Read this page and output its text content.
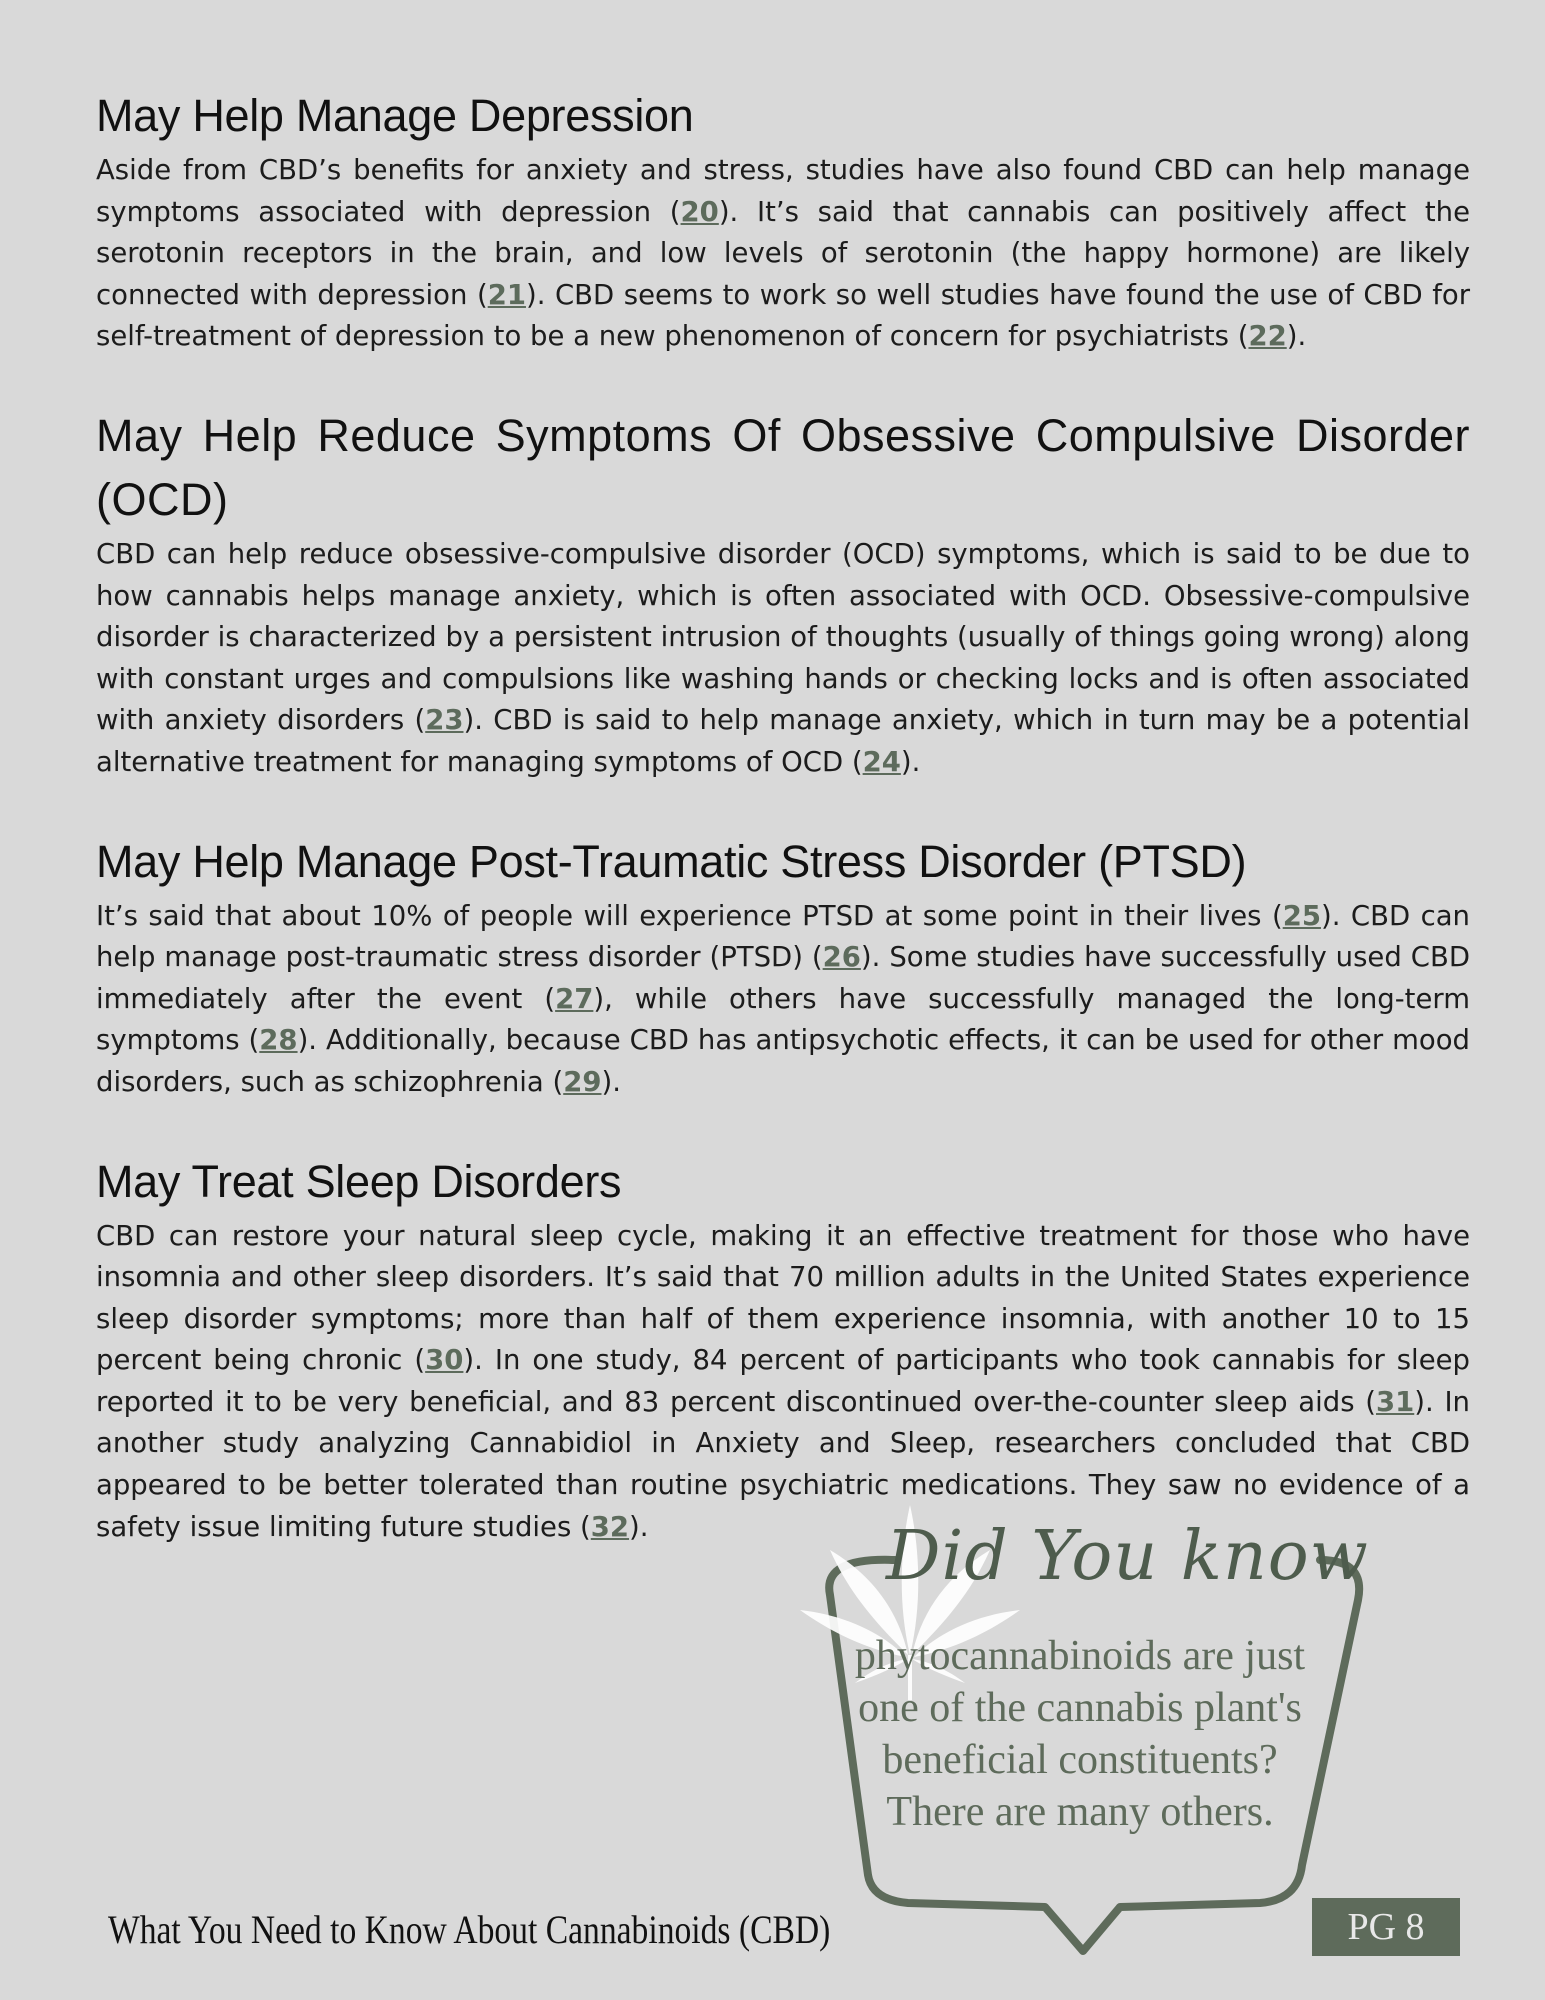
May Help Manage Depression

Aside from CBD’s benefits for anxiety and stress, studies have also found CBD can help manage symptoms associated with depression (20). It’s said that cannabis can positively affect the serotonin receptors in the brain, and low levels of serotonin (the happy hormone) are likely connected with depression (21). CBD seems to work so well studies have found the use of CBD for self-treatment of depression to be a new phenomenon of concern for psychiatrists (22).

May Help Reduce Symptoms Of Obsessive Compulsive Disorder (OCD)

CBD can help reduce obsessive-compulsive disorder (OCD) symptoms, which is said to be due to how cannabis helps manage anxiety, which is often associated with OCD. Obsessive-compulsive disorder is characterized by a persistent intrusion of thoughts (usually of things going wrong) along with constant urges and compulsions like washing hands or checking locks and is often associated with anxiety disorders (23). CBD is said to help manage anxiety, which in turn may be a potential alternative treatment for managing symptoms of OCD (24).

May Help Manage Post-Traumatic Stress Disorder (PTSD)

It’s said that about 10% of people will experience PTSD at some point in their lives (25). CBD can help manage post-traumatic stress disorder (PTSD) (26). Some studies have successfully used CBD immediately after the event (27), while others have successfully managed the long-term symptoms (28). Additionally, because CBD has antipsychotic effects, it can be used for other mood disorders, such as schizophrenia (29).

May Treat Sleep Disorders

CBD can restore your natural sleep cycle, making it an effective treatment for those who have insomnia and other sleep disorders. It’s said that 70 million adults in the United States experience sleep disorder symptoms; more than half of them experience insomnia, with another 10 to 15 percent being chronic (30). In one study, 84 percent of participants who took cannabis for sleep reported it to be very beneficial, and 83 percent discontinued over-the-counter sleep aids (31). In another study analyzing Cannabidiol in Anxiety and Sleep, researchers concluded that CBD appeared to be better tolerated than routine psychiatric medications. They saw no evidence of a safety issue limiting future studies (32).	Did You know
phytocannabinoids are just one of the cannabis plant's beneficial constituents? There are many others.
What You Need to Know About Cannabinoids (CBD)	PG 8
